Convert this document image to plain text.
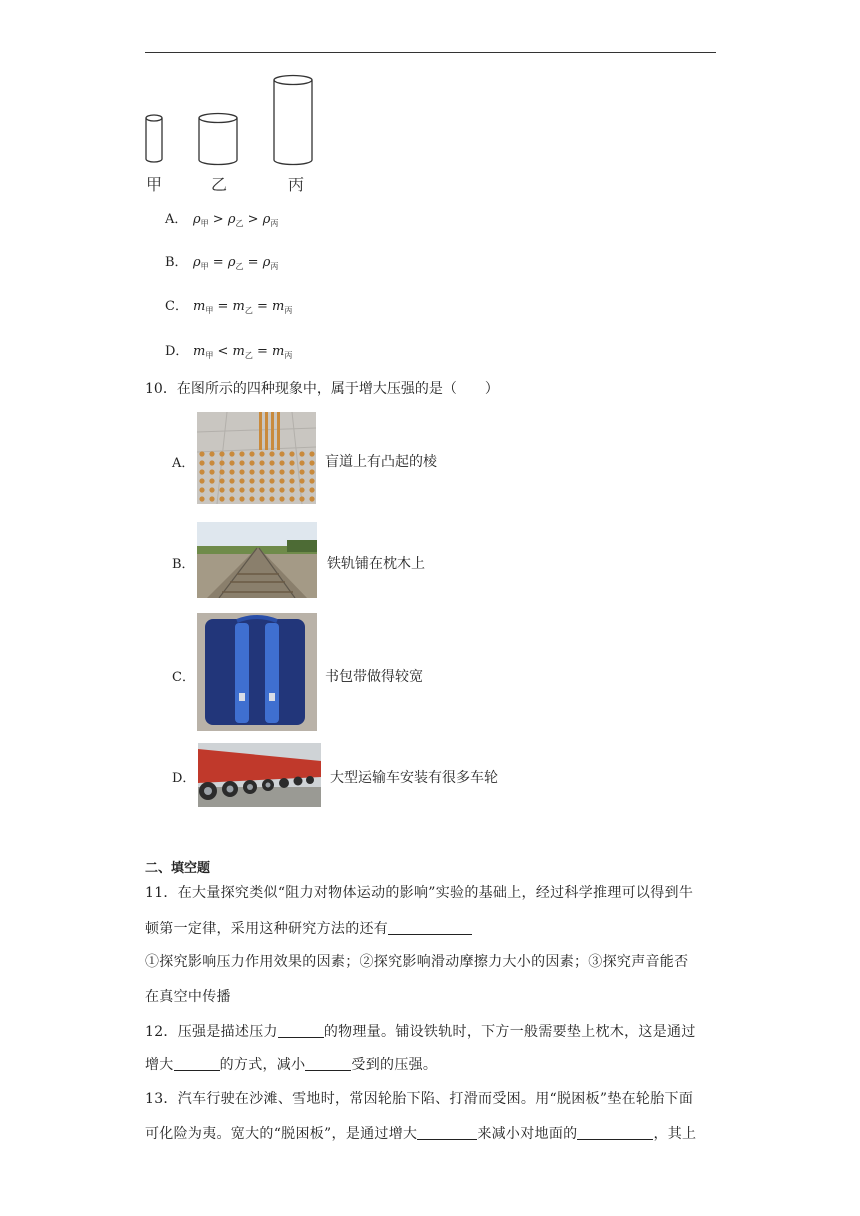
甲	乙	丙
A． $\rho_甲 > \rho_乙 > \rho_丙$
B． $\rho_甲 = \rho_乙 = \rho_丙$
C． $m_甲 = m_乙 = m_丙$
D． $m_甲 < m_乙 = m_丙$
10．在图所示的四种现象中，属于增大压强的是（　　）
A．	盲道上有凸起的棱
B．	铁轨铺在枕木上
C．	书包带做得较宽
D．	大型运输车安装有很多车轮
二、填空题
11．在大量探究类似“阻力对物体运动的影响”实验的基础上，经过科学推理可以得到牛
顿第一定律，采用这种研究方法的还有
①探究影响压力作用效果的因素；②探究影响滑动摩擦力大小的因素；③探究声音能否
在真空中传播
12．压强是描述压力	的物理量。铺设铁轨时，下方一般需要垫上枕木，这是通过
增大	的方式，减小	受到的压强。
13．汽车行驶在沙滩、雪地时，常因轮胎下陷、打滑而受困。用“脱困板”垫在轮胎下面
可化险为夷。宽大的“脱困板”，是通过增大	来减小对地面的	，其上
